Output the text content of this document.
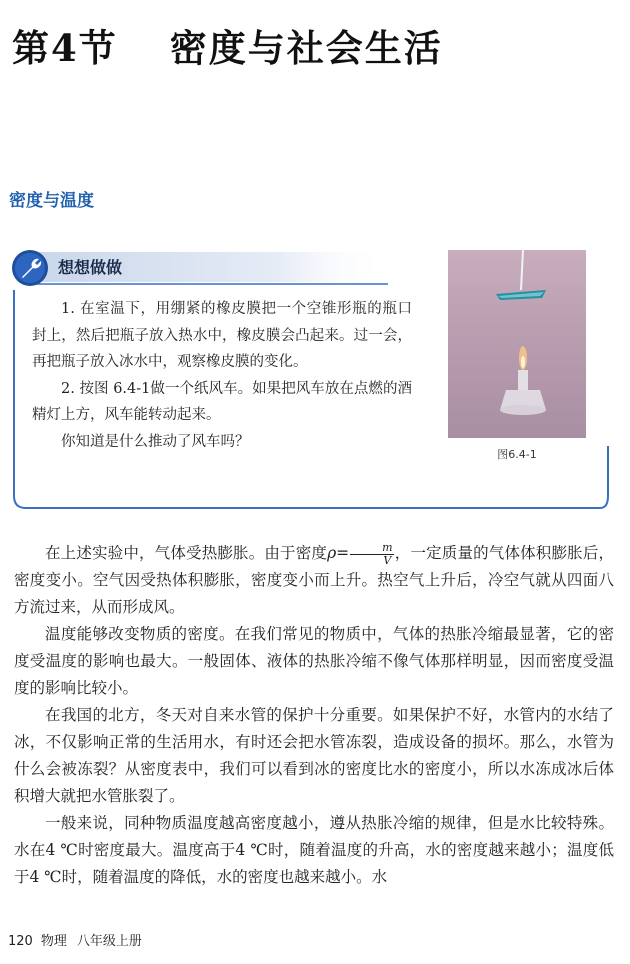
第4节 密度与社会生活
密度与温度
想想做做

1. 在室温下，用绷紧的橡皮膜把一个空锥形瓶的瓶口封上，然后把瓶子放入热水中，橡皮膜会凸起来。过一会，再把瓶子放入冰水中，观察橡皮膜的变化。

2. 按图 6.4-1做一个纸风车。如果把风车放在点燃的酒精灯上方，风车能转动起来。

你知道是什么推动了风车吗？

图6.4-1

在上述实验中，气体受热膨胀。由于密度$\rho= \frac{m}{V}$ ，一定质量的气体体积膨胀后，密度变小。空气因受热体积膨胀，密度变小而上升。热空气上升后，冷空气就从四面八方流过来，从而形成风。

温度能够改变物质的密度。在我们常见的物质中，气体的热胀冷缩最显著，它的密度受温度的影响也最大。一般固体、液体的热胀冷缩不像气体那样明显，因而密度受温度的影响比较小。

在我国的北方，冬天对自来水管的保护十分重要。如果保护不好，水管内的水结了冰，不仅影响正常的生活用水，有时还会把水管冻裂，造成设备的损坏。那么，水管为什么会被冻裂？从密度表中，我们可以看到冰的密度比水的密度小，所以水冻成冰后体积增大就把水管胀裂了。

一般来说，同种物质温度越高密度越小，遵从热胀冷缩的规律，但是水比较特殊。水在4 ℃时密度最大。温度高于4 ℃时，随着温度的升高，水的密度越来越小；温度低于4 ℃时，随着温度的降低，水的密度也越来越小。水

120 物理 八年级上册
